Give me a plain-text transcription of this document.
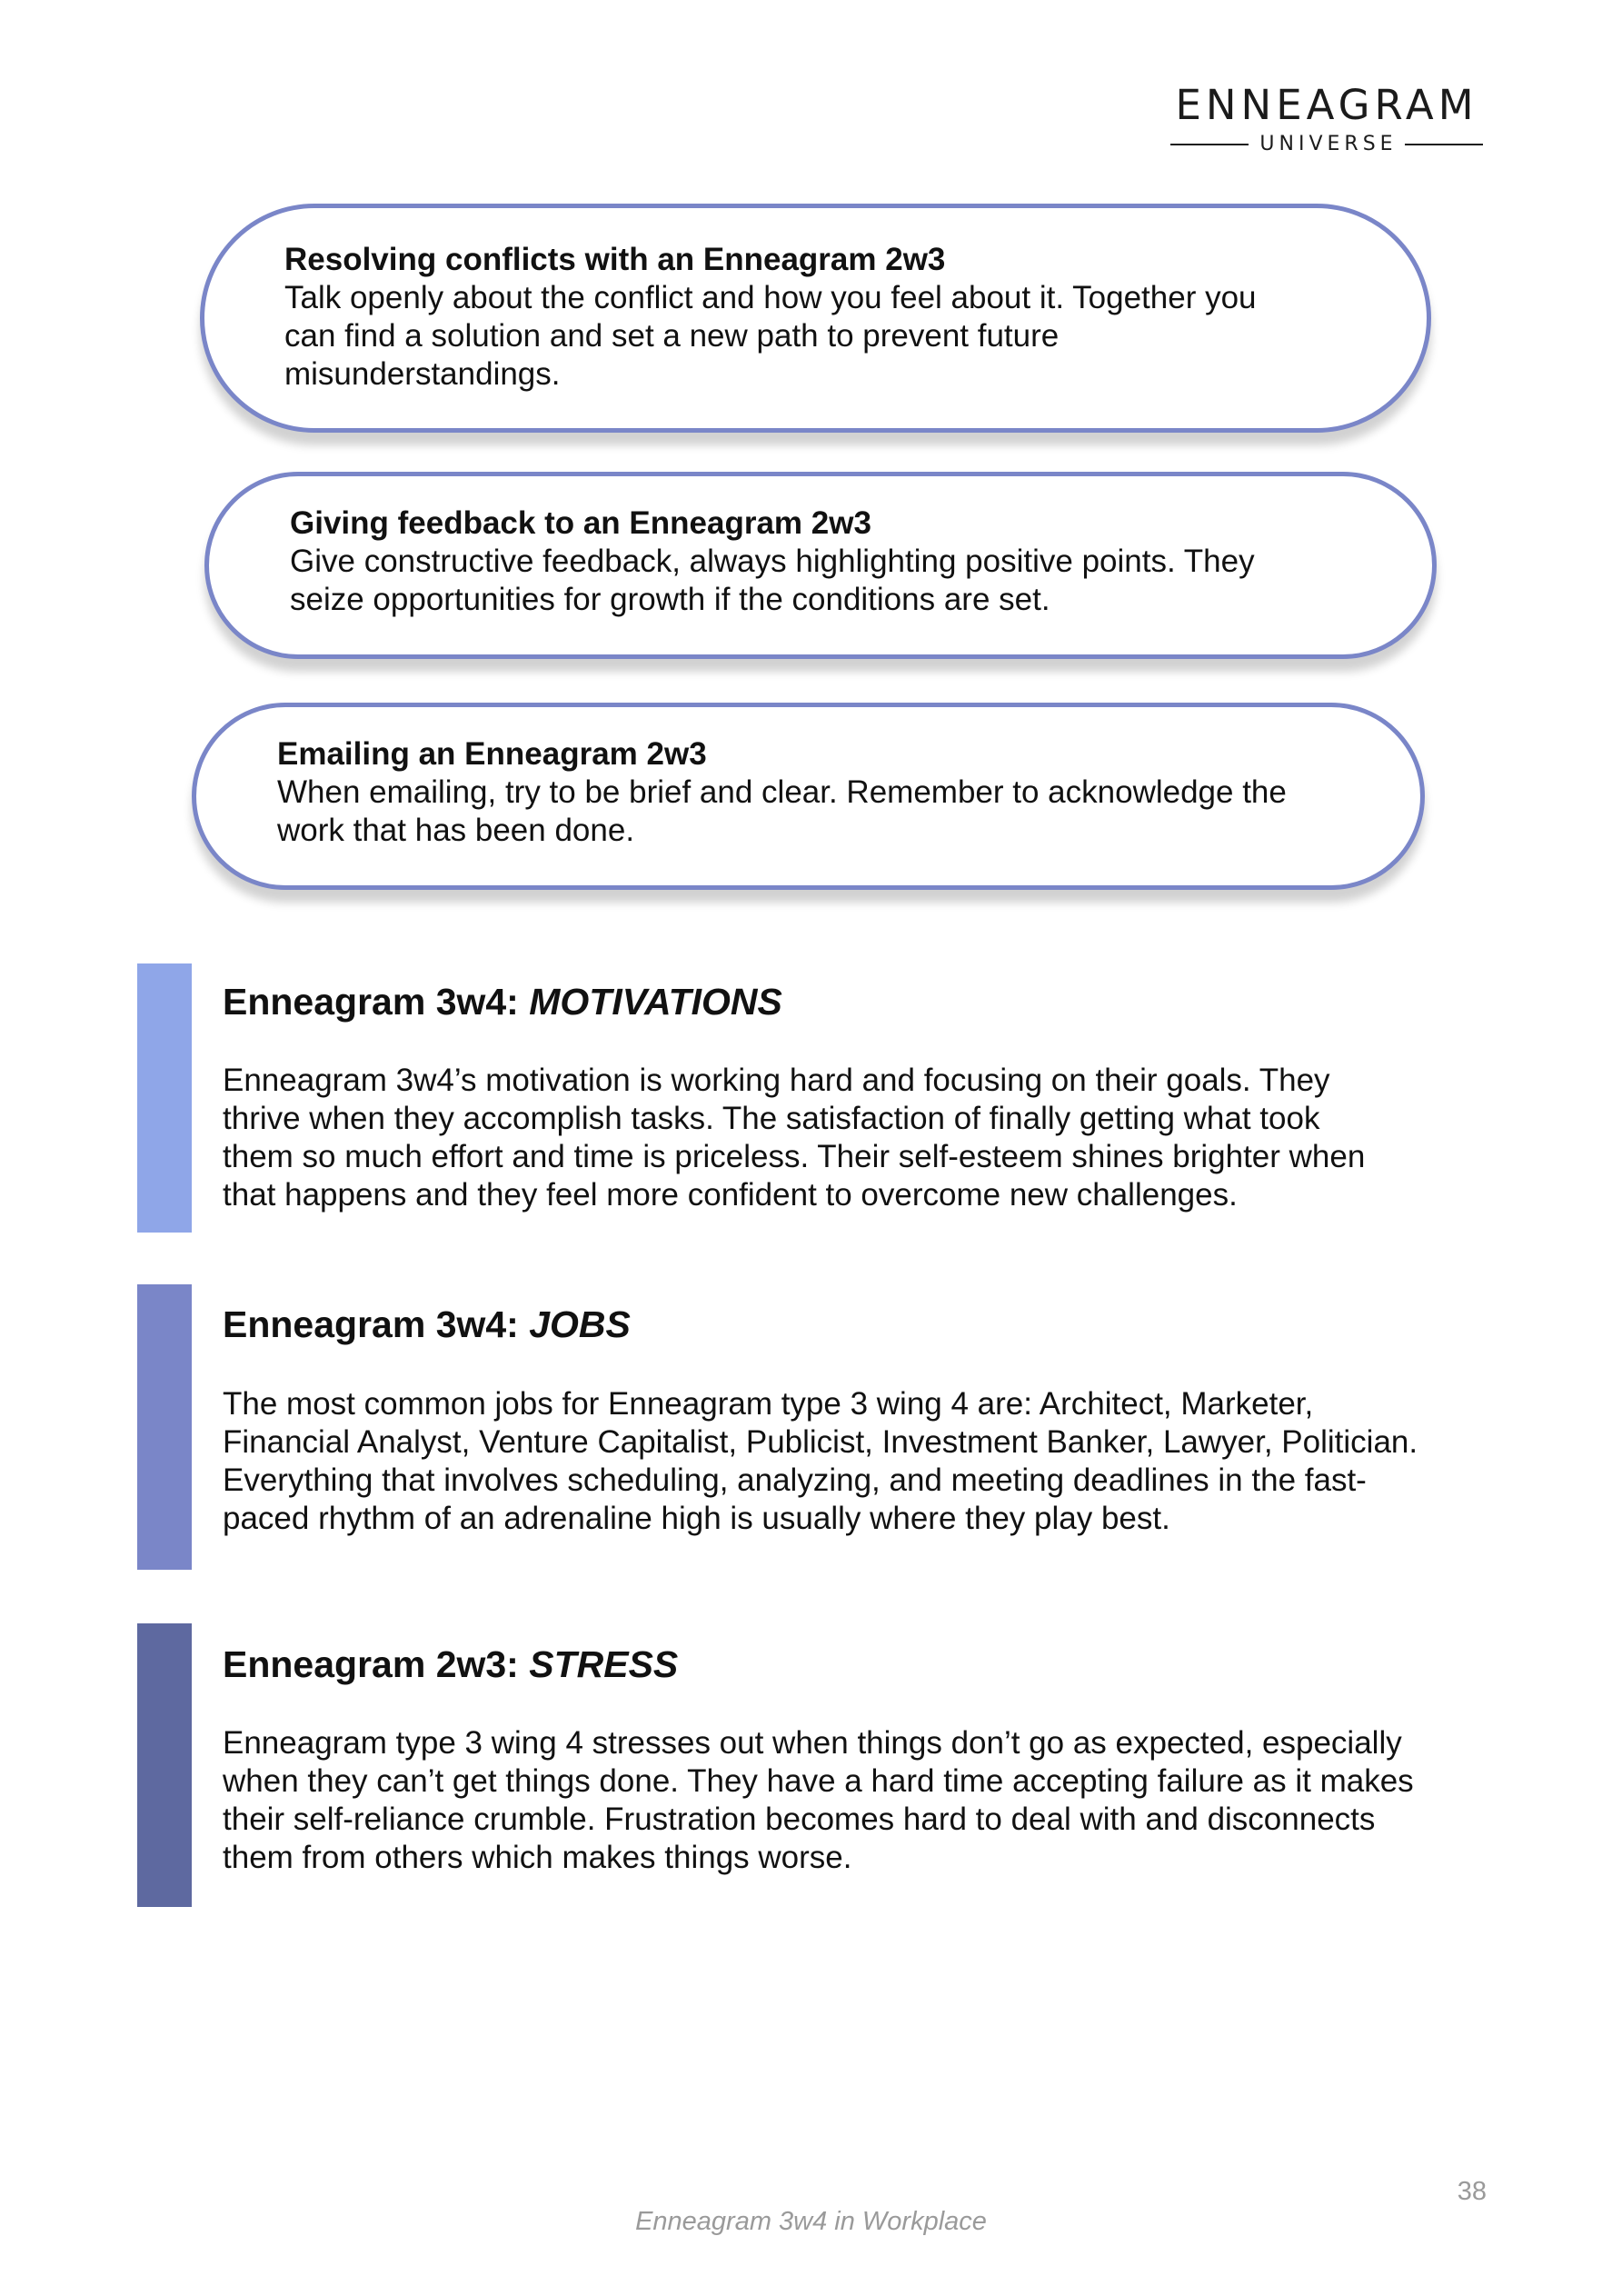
ENNEAGRAM
UNIVERSE
Resolving conflicts with an Enneagram 2w3
Talk openly about the conflict and how you feel about it. Together you
can find a solution and set a new path to prevent future
misunderstandings.
Giving feedback to an Enneagram 2w3
Give constructive feedback, always highlighting positive points. They
seize opportunities for growth if the conditions are set.
Emailing an Enneagram 2w3
When emailing, try to be brief and clear. Remember to acknowledge the
work that has been done.
Enneagram 3w4: MOTIVATIONS
Enneagram 3w4’s motivation is working hard and focusing on their goals. They
thrive when they accomplish tasks. The satisfaction of finally getting what took
them so much effort and time is priceless. Their self-esteem shines brighter when
that happens and they feel more confident to overcome new challenges.
Enneagram 3w4: JOBS
The most common jobs for Enneagram type 3 wing 4 are: Architect, Marketer,
Financial Analyst, Venture Capitalist, Publicist, Investment Banker, Lawyer, Politician.
Everything that involves scheduling, analyzing, and meeting deadlines in the fast-
paced rhythm of an adrenaline high is usually where they play best.
Enneagram 2w3: STRESS
Enneagram type 3 wing 4 stresses out when things don’t go as expected, especially
when they can’t get things done. They have a hard time accepting failure as it makes
their self-reliance crumble. Frustration becomes hard to deal with and disconnects
them from others which makes things worse.
38
Enneagram 3w4 in Workplace
